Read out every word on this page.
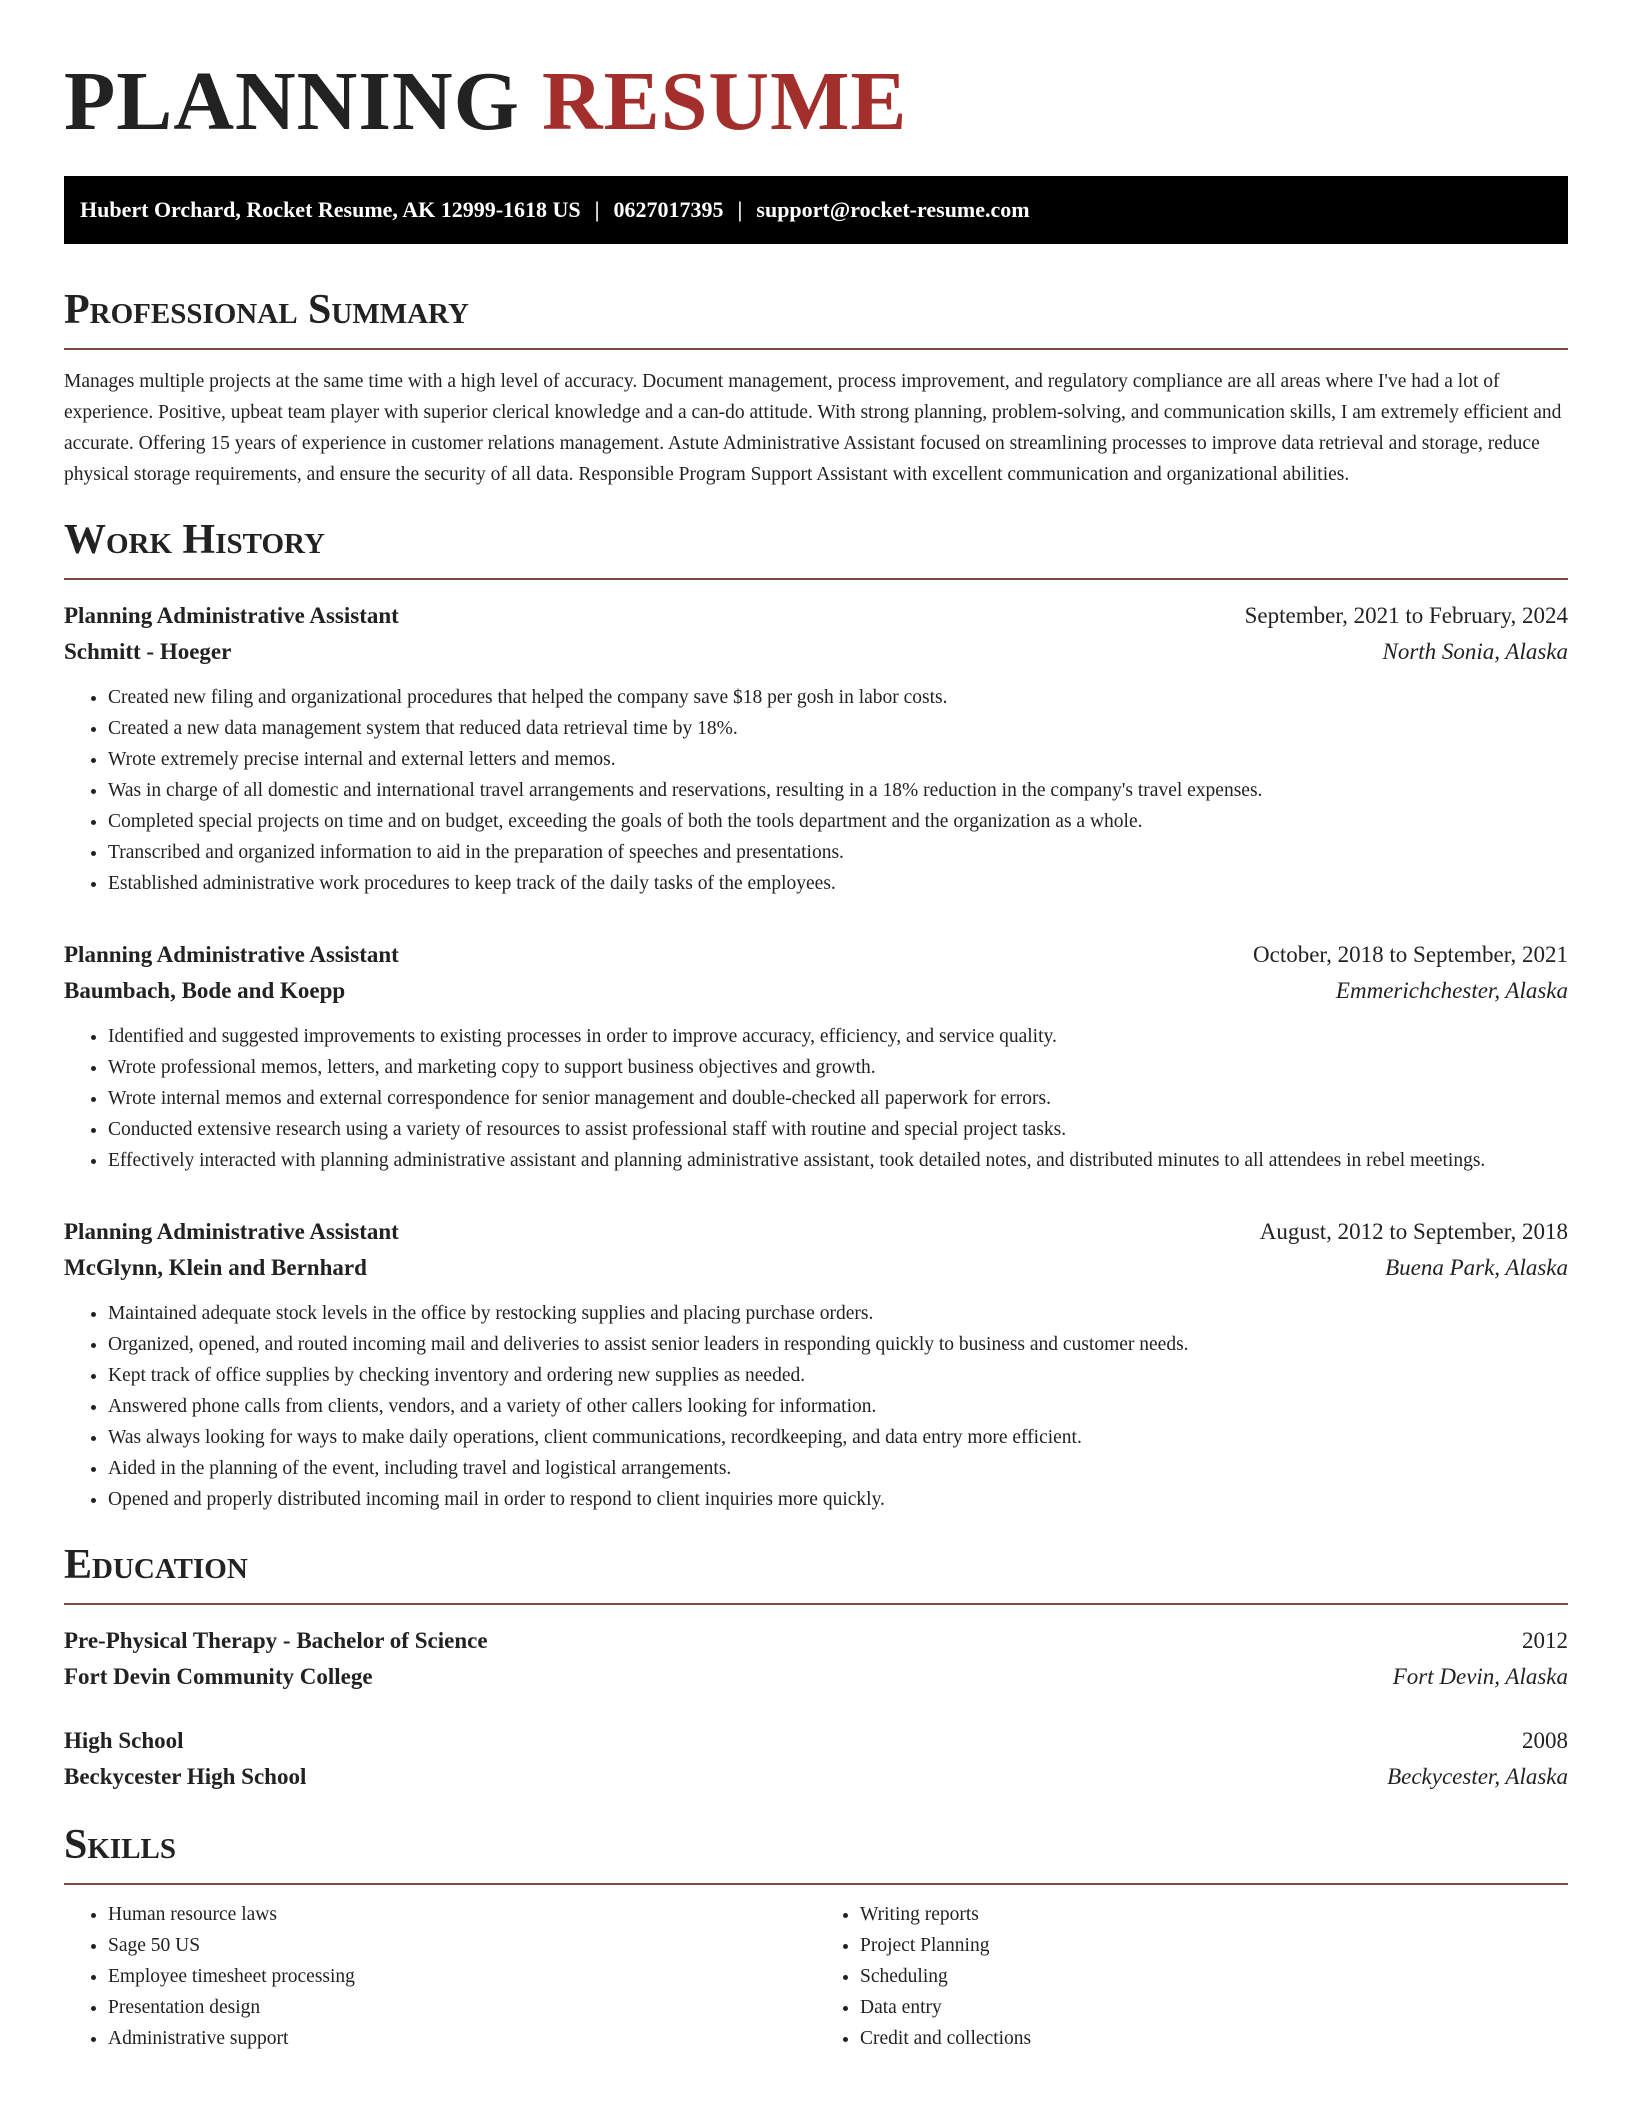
PLANNING RESUME
Hubert Orchard, Rocket Resume, AK 12999-1618 US | 0627017395 | support@rocket-resume.com
Professional Summary

Manages multiple projects at the same time with a high level of accuracy. Document management, process improvement, and regulatory compliance are all areas where I've had a lot of experience. Positive, upbeat team player with superior clerical knowledge and a can-do attitude. With strong planning, problem-solving, and communication skills, I am extremely efficient and accurate. Offering 15 years of experience in customer relations management. Astute Administrative Assistant focused on streamlining processes to improve data retrieval and storage, reduce physical storage requirements, and ensure the security of all data. Responsible Program Support Assistant with excellent communication and organizational abilities.

Work History
Planning Administrative Assistant	September, 2021 to February, 2024
Schmitt - Hoeger	North Sonia, Alaska
• Created new filing and organizational procedures that helped the company save $18 per gosh in labor costs.
• Created a new data management system that reduced data retrieval time by 18%.
• Wrote extremely precise internal and external letters and memos.
• Was in charge of all domestic and international travel arrangements and reservations, resulting in a 18% reduction in the company's travel expenses.
• Completed special projects on time and on budget, exceeding the goals of both the tools department and the organization as a whole.
• Transcribed and organized information to aid in the preparation of speeches and presentations.
• Established administrative work procedures to keep track of the daily tasks of the employees.
Planning Administrative Assistant	October, 2018 to September, 2021
Baumbach, Bode and Koepp	Emmerichchester, Alaska
• Identified and suggested improvements to existing processes in order to improve accuracy, efficiency, and service quality.
• Wrote professional memos, letters, and marketing copy to support business objectives and growth.
• Wrote internal memos and external correspondence for senior management and double-checked all paperwork for errors.
• Conducted extensive research using a variety of resources to assist professional staff with routine and special project tasks.
• Effectively interacted with planning administrative assistant and planning administrative assistant, took detailed notes, and distributed minutes to all attendees in rebel meetings.
Planning Administrative Assistant	August, 2012 to September, 2018
McGlynn, Klein and Bernhard	Buena Park, Alaska
• Maintained adequate stock levels in the office by restocking supplies and placing purchase orders.
• Organized, opened, and routed incoming mail and deliveries to assist senior leaders in responding quickly to business and customer needs.
• Kept track of office supplies by checking inventory and ordering new supplies as needed.
• Answered phone calls from clients, vendors, and a variety of other callers looking for information.
• Was always looking for ways to make daily operations, client communications, recordkeeping, and data entry more efficient.
• Aided in the planning of the event, including travel and logistical arrangements.
• Opened and properly distributed incoming mail in order to respond to client inquiries more quickly.
Education
Pre-Physical Therapy - Bachelor of Science	2012
Fort Devin Community College	Fort Devin, Alaska
High School	2008
Beckycester High School	Beckycester, Alaska
Skills
• Human resource laws
• Sage 50 US
• Employee timesheet processing
• Presentation design
• Administrative support
• Writing reports
• Project Planning
• Scheduling
• Data entry
• Credit and collections
